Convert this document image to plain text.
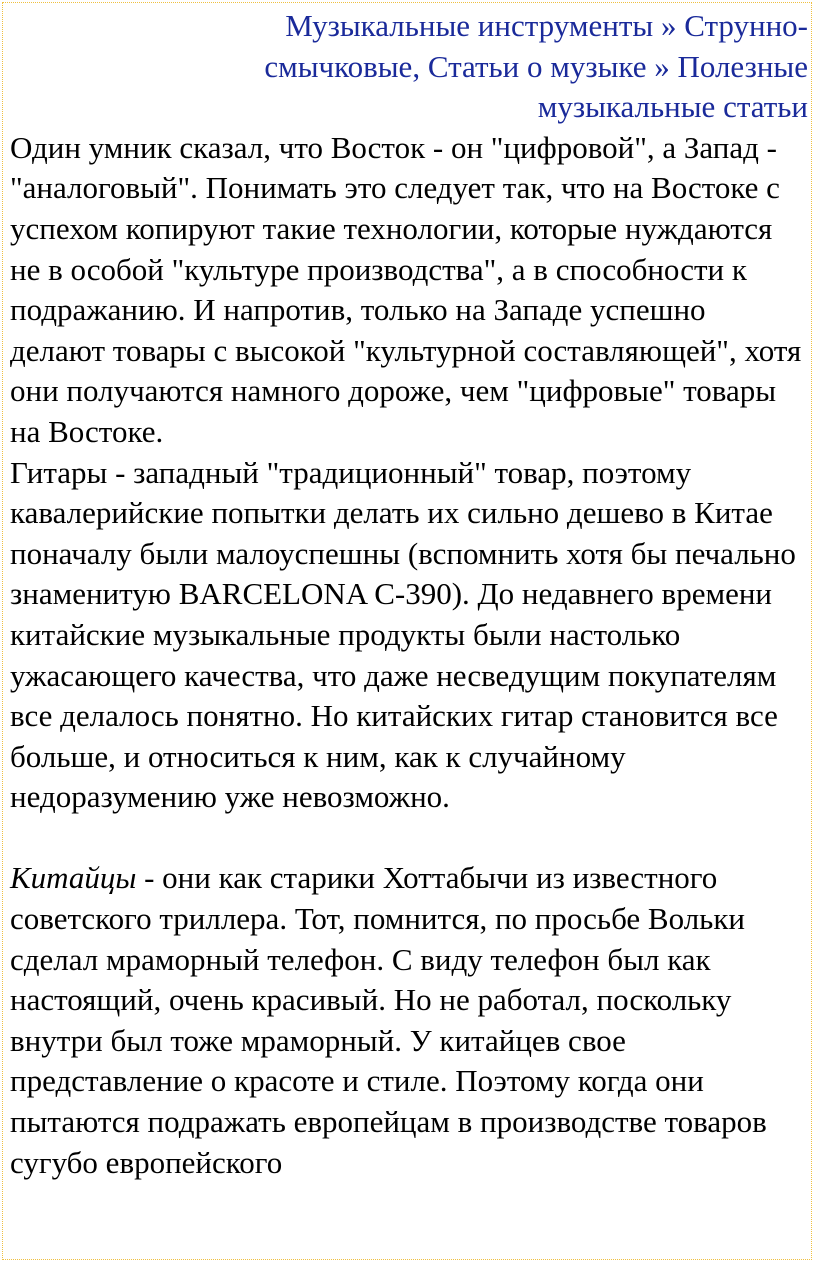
Музыкальные инструменты » Струнно-смычковые, Статьи о музыке » Полезные музыкальные статьи

Один умник сказал, что Восток - он "цифровой", а Запад - "аналоговый". Понимать это следует так, что на Востоке с успехом копируют такие технологии, которые нуждаются не в особой "культуре производства", а в способности к подражанию. И напротив, только на Западе успешно делают товары с высокой "культурной составляющей", хотя они получаются намного дороже, чем "цифровые" товары на Востоке.

Гитары - западный "традиционный" товар, поэтому кавалерийские попытки делать их сильно дешево в Китае поначалу были малоуспешны (вспомнить хотя бы печально знаменитую BARCELONA C-390). До недавнего времени китайские музыкальные продукты были настолько ужасающего качества, что даже несведущим покупателям все делалось понятно. Но китайских гитар становится все больше, и относиться к ним, как к случайному недоразумению уже невозможно.

Китайцы - они как старики Хоттабычи из известного советского триллера. Тот, помнится, по просьбе Вольки сделал мраморный телефон. С виду телефон был как настоящий, очень красивый. Но не работал, поскольку внутри был тоже мраморный. У китайцев свое представление о красоте и стиле. Поэтому когда они пытаются подражать европейцам в производстве товаров сугубо европейского
